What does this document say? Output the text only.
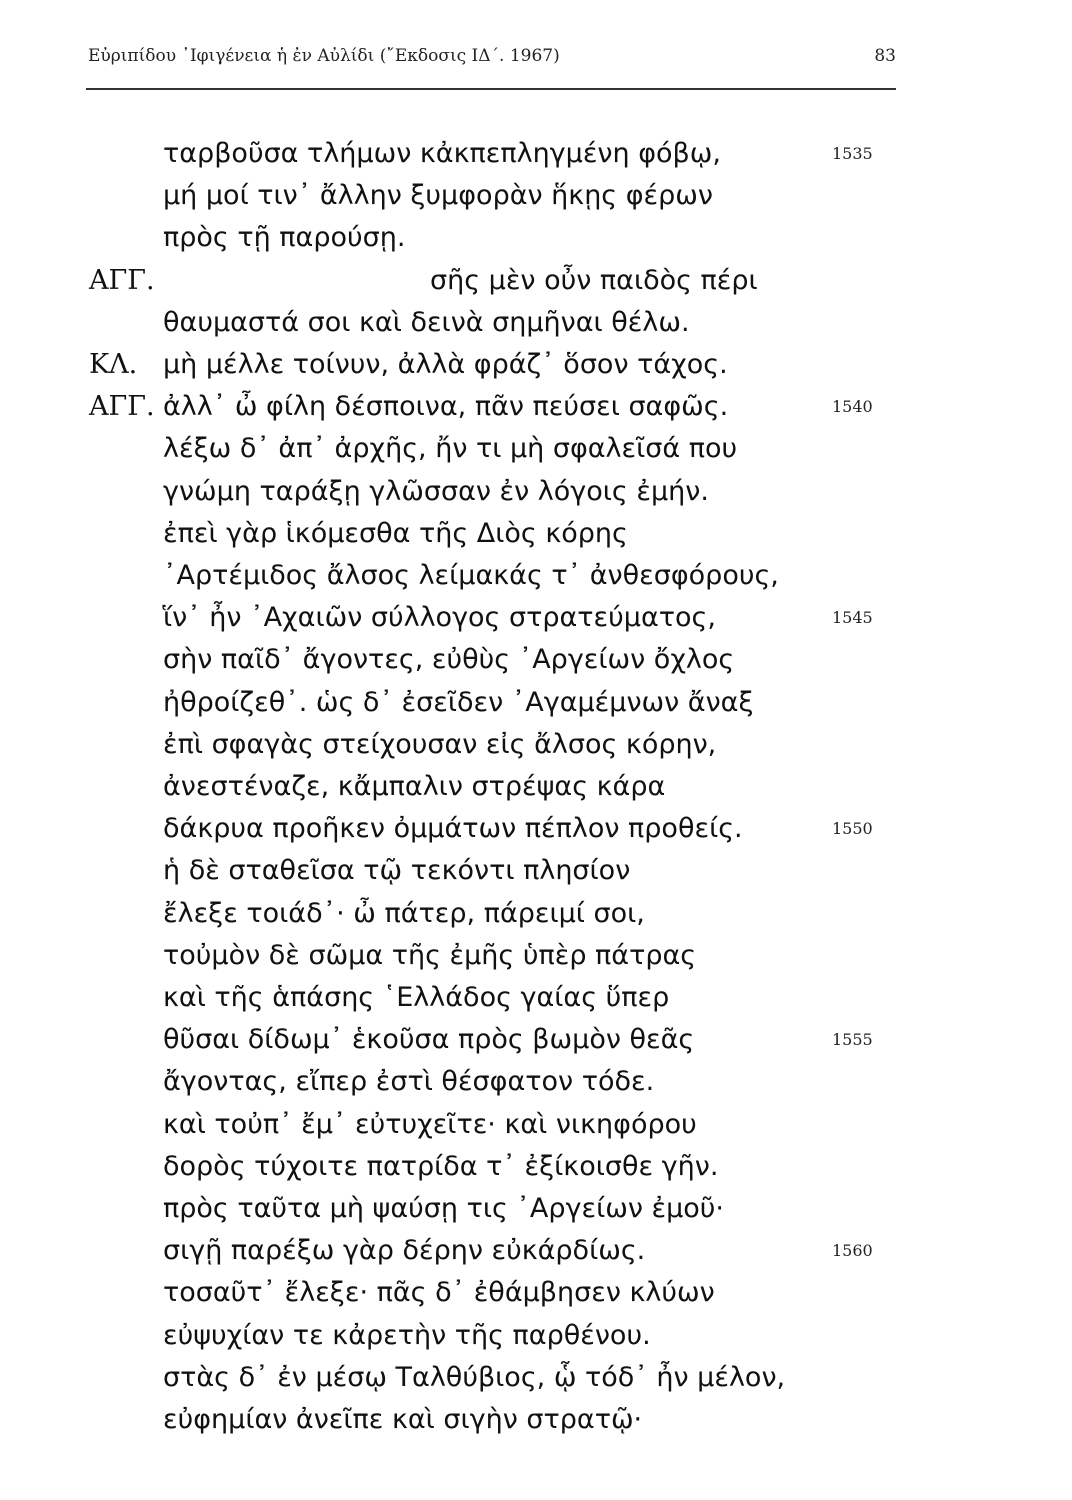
Εὐριπίδου ᾿Ιφιγένεια ἡ ἐν Αὐλίδι (῎Εκδοσις ΙΔ΄. 1967)	83
ταρβοῦσα τλήμων κἀκπεπληγμένη φόβῳ,	1535
μή μοί τιν᾿ ἄλλην ξυμφορὰν ἥκῃς φέρων
πρὸς τῇ παρούσῃ.
ΑΓΓ.	σῆς μὲν οὖν παιδὸς πέρι
θαυμαστά σοι καὶ δεινὰ σημῆναι θέλω.
ΚΛ. μὴ μέλλε τοίνυν, ἀλλὰ φράζ᾿ ὅσον τάχος.
ΑΓΓ. ἀλλ᾿ ὦ φίλη δέσποινα, πᾶν πεύσει σαφῶς.	1540
λέξω δ᾿ ἀπ᾿ ἀρχῆς, ἤν τι μὴ σφαλεῖσά που
γνώμη ταράξῃ γλῶσσαν ἐν λόγοις ἐμήν.
ἐπεὶ γὰρ ἱκόμεσθα τῆς Διὸς κόρης
᾿Αρτέμιδος ἄλσος λείμακάς τ᾿ ἀνθεσφόρους,
ἵν᾿ ἦν ᾿Αχαιῶν σύλλογος στρατεύματος,	1545
σὴν παῖδ᾿ ἄγοντες, εὐθὺς ᾿Αργείων ὄχλος
ἠθροίζεθ᾿. ὡς δ᾿ ἐσεῖδεν ᾿Αγαμέμνων ἄναξ
ἐπὶ σφαγὰς στείχουσαν εἰς ἄλσος κόρην,
ἀνεστέναζε, κἄμπαλιν στρέψας κάρα
δάκρυα προῆκεν ὀμμάτων πέπλον προθείς.	1550
ἡ δὲ σταθεῖσα τῷ τεκόντι πλησίον
ἔλεξε τοιάδ᾿· ὦ πάτερ, πάρειμί σοι,
τοὐμὸν δὲ σῶμα τῆς ἐμῆς ὑπὲρ πάτρας
καὶ τῆς ἁπάσης ῾Ελλάδος γαίας ὕπερ
θῦσαι δίδωμ᾿ ἑκοῦσα πρὸς βωμὸν θεᾶς	1555
ἄγοντας, εἴπερ ἐστὶ θέσφατον τόδε.
καὶ τοὐπ᾿ ἔμ᾿ εὐτυχεῖτε· καὶ νικηφόρου
δορὸς τύχοιτε πατρίδα τ᾿ ἐξίκοισθε γῆν.
πρὸς ταῦτα μὴ ψαύσῃ τις ᾿Αργείων ἐμοῦ·
σιγῇ παρέξω γὰρ δέρην εὐκάρδίως.	1560
τοσαῦτ᾿ ἔλεξε· πᾶς δ᾿ ἐθάμβησεν κλύων
εὐψυχίαν τε κἀρετὴν τῆς παρθένου.
στὰς δ᾿ ἐν μέσῳ Ταλθύβιος, ᾧ τόδ᾿ ἦν μέλον,
εὐφημίαν ἀνεῖπε καὶ σιγὴν στρατῷ·
